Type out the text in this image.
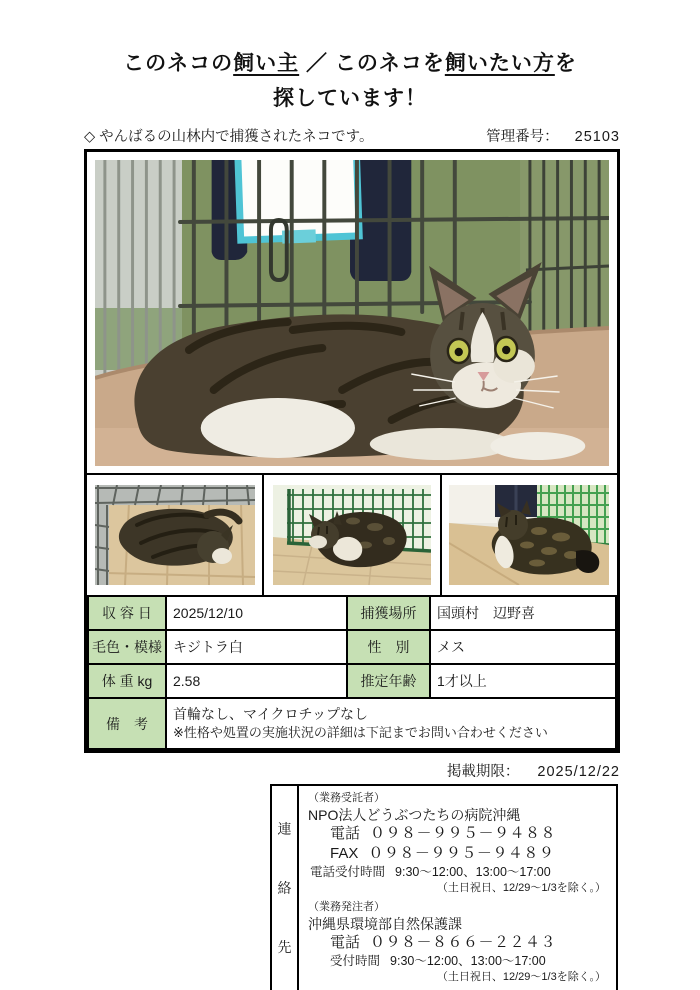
このネコの飼い主 ／ このネコを飼いたい方を
探しています！
◇ やんばるの山林内で捕獲されたネコです。	管理番号： 25103
収 容 日	2025/12/10	捕獲場所	国頭村　辺野喜
毛色・模様	キジトラ白	性　別	メス
体 重 kg	2.58	推定年齢	1才以上
備　考	首輪なし、マイクロチップなし
※性格や処置の実施状況の詳細は下記までお問い合わせください		
掲載期限： 2025/12/22
連
絡
先
（業務受託者）
NPO法人どうぶつたちの病院沖縄
電話 ０９８－９９５－９４８８
FAX ０９８－９９５－９４８９
電話受付時間 9:30～12:00、13:00～17:00
（土日祝日、12/29～1/3を除く。）
（業務発注者）
沖縄県環境部自然保護課
電話 ０９８－８６６－２２４３
受付時間 9:30～12:00、13:00～17:00
（土日祝日、12/29～1/3を除く。）
